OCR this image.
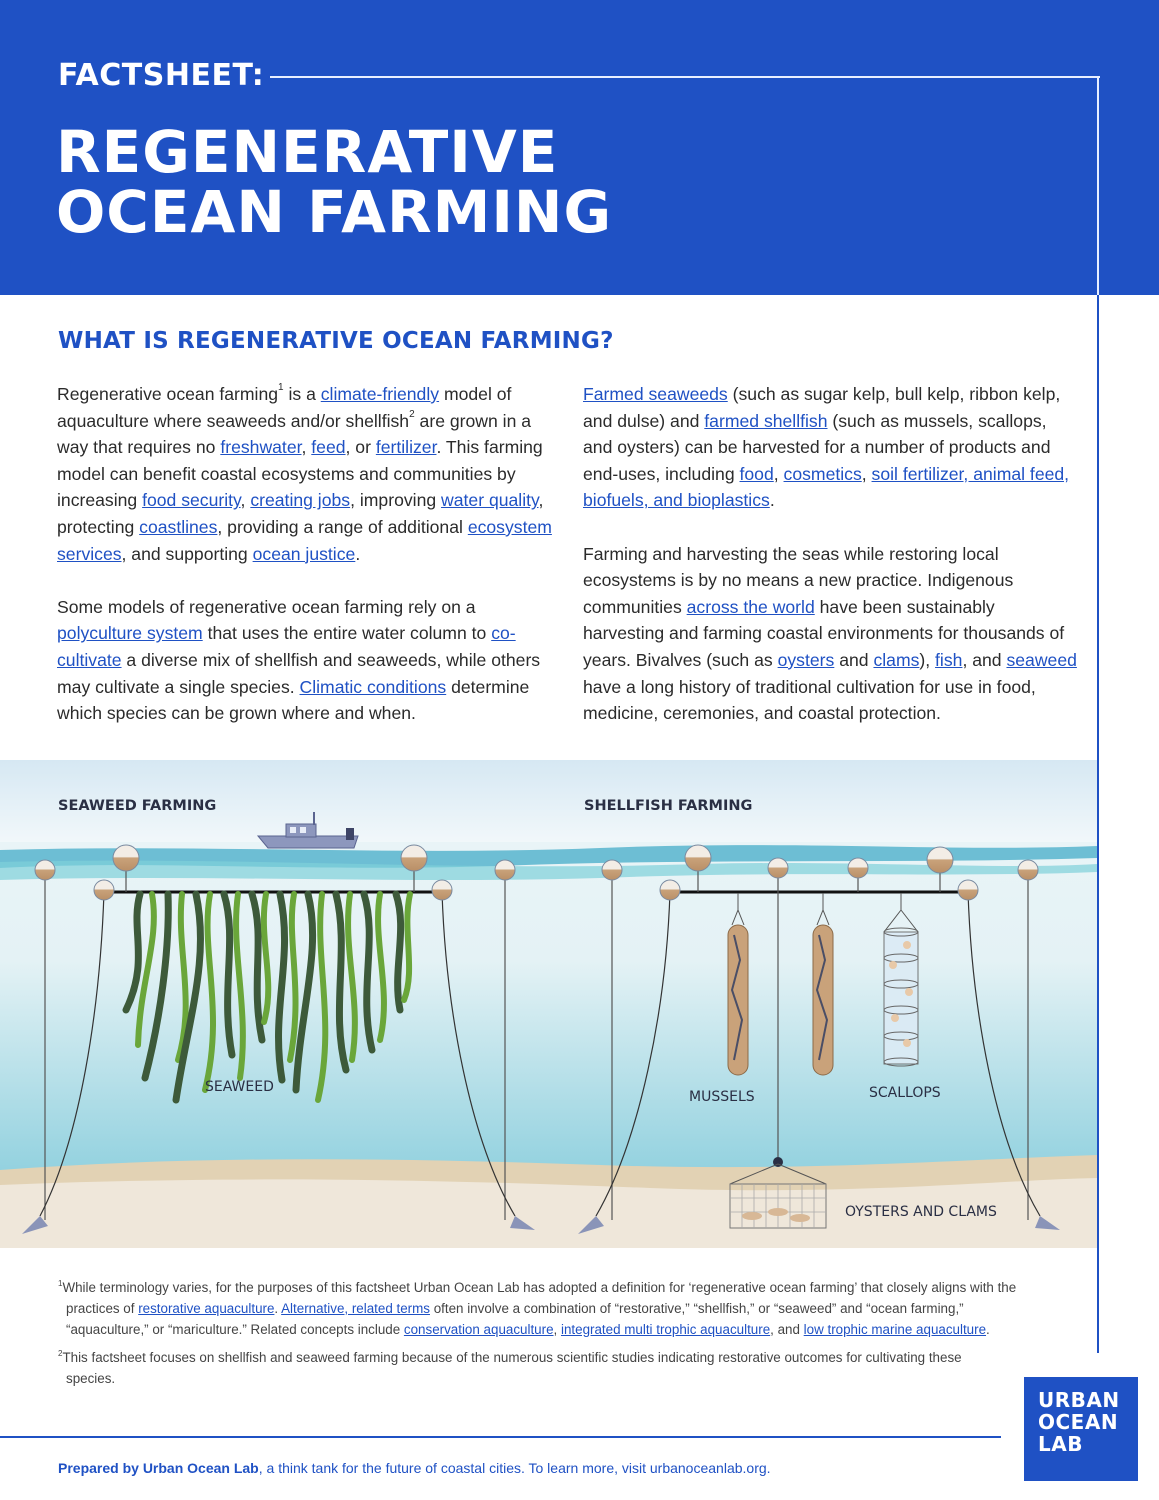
FACTSHEET:
REGENERATIVE
OCEAN FARMING
WHAT IS REGENERATIVE OCEAN FARMING?

Regenerative ocean farming$^1$ is a climate-friendly model of aquaculture where seaweeds and/or shellfish$^2$ are grown in a way that requires no freshwater, feed, or fertilizer. This farming model can benefit coastal ecosystems and communities by increasing food security, creating jobs, improving water quality, protecting coastlines, providing a range of additional ecosystem services, and supporting ocean justice.

Some models of regenerative ocean farming rely on a polyculture system that uses the entire water column to co-cultivate a diverse mix of shellfish and seaweeds, while others may cultivate a single species. Climatic conditions determine which species can be grown where and when.

Farmed seaweeds (such as sugar kelp, bull kelp, ribbon kelp, and dulse) and farmed shellfish (such as mussels, scallops, and oysters) can be harvested for a number of products and end-uses, including food, cosmetics, soil fertilizer, animal feed, biofuels, and bioplastics.

Farming and harvesting the seas while restoring local ecosystems is by no means a new practice. Indigenous communities across the world have been sustainably harvesting and farming coastal environments for thousands of years. Bivalves (such as oysters and clams), fish, and seaweed have a long history of traditional cultivation for use in food, medicine, ceremonies, and coastal protection.

SEAWEED FARMING	SHELLFISH FARMING
SEAWEED
MUSSELS	SCALLOPS
OYSTERS AND CLAMS

$^1$While terminology varies, for the purposes of this factsheet Urban Ocean Lab has adopted a definition for ‘regenerative ocean farming’ that closely aligns with the practices of restorative aquaculture. Alternative, related terms often involve a combination of “restorative,” “shellfish,” or “seaweed” and “ocean farming,” “aquaculture,” or “mariculture.” Related concepts include conservation aquaculture, integrated multi trophic aquaculture, and low trophic marine aquaculture.

$^2$This factsheet focuses on shellfish and seaweed farming because of the numerous scientific studies indicating restorative outcomes for cultivating these species.

Prepared by Urban Ocean Lab, a think tank for the future of coastal cities. To learn more, visit urbanoceanlab.org.
URBAN
OCEAN
LAB
